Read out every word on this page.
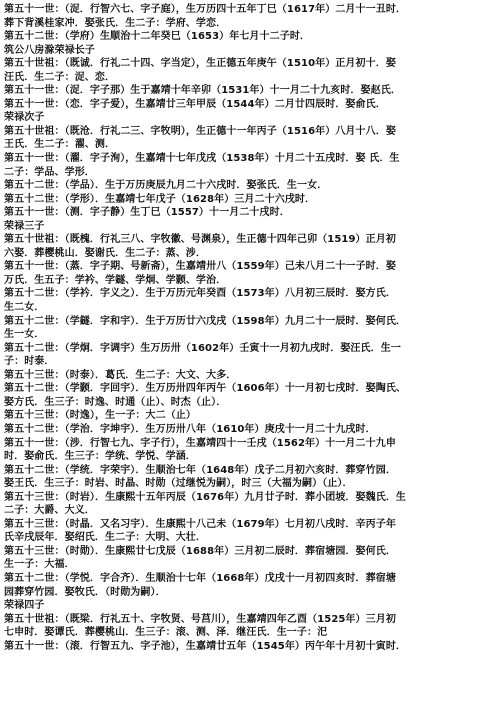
第五十一世：（浞．行智六七、字子庭），生万历四十五年丁巳（1617年）二月十一丑时．
葬下背溪桂家冲．娶张氏．生二子：学府、学恋．
第五十二世：（学府）生顺治十二年癸巳（1653）年七月十二子时．
筑公八房滁荣禄长子
第五十世祖：（既诚．行礼二十四、字当定），生正德五年庚午（1510年）正月初十．娶
汪氏．生二子：浞、恋．
第五十一世：（浞．字子那）生于嘉靖十年辛卯（1531年）十一月二十九亥时．娶赵氏．
第五十一世：（恋．字子爱），生嘉靖廿三年甲辰（1544年）二月廿四辰时．娶俞氏．
荣禄次子
第五十世祖：（既沧．行礼二三、字牧明），生正德十一年丙子（1516年）八月十八．娶
王氏．生二子：濯、测．
第五十一世：（濯．字子洵），生嘉靖十七年戊戌（1538年）十月二十五戌时．娶 氏．生
二子：学品、学形．
第五十二世：（学品）．生于万历庚辰九月二十六戌时．娶张氏．生一女．
第五十二世：（学形）．生嘉靖七年戊子（1628年）三月二十六戌时．
第五十一世：（测．字子静）生丁巳（1557）十一月二十戌时．
荣禄三子
第五十世祖：（既槐．行礼三八、字牧徽、号渊泉），生正德十四年己卯（1519）正月初
六娶．葬樱桃山．娶谢氏．生二子：蒸、涉．
第五十一世：（蒸．字子期、号新斋），生嘉靖卅八（1559年）己未八月二十一子时．娶
万氏．生五子：学衿、学鐩、学炯、学颢、学治．
第五十二世：（学衿．字义之）．生于万历元年癸酉（1573年）八月初三辰时．娶方氏．
生二女．
第五十二世：（学鐩．字和宇）．生于万历廿六戊戌（1598年）九月二十一辰时．娶何氏．
生一女．
第五十二世：（学炯．字调宇）生万历卅（1602年）壬寅十一月初九戌时．娶汪氏．生一
子：时泰．
第五十三世：（时泰）．葛氏．生二子：大文、大多．
第五十二世：（学颢．字回宇）．生万历卅四年丙午（1606年）十一月初七戌时．娶陶氏、
娶方氏．生三子：时逸、时通（止）、时杰（止）．
第五十三世：（时逸），生一子：大二（止）
第五十二世：（学治．字坤宇）．生万历卅八年（1610年）庚戌十一月二十九戌时．
第五十一世：（涉．行智七九、字子行），生嘉靖四十一壬戌（1562年）十一月二十九申
时．娶俞氏．生三子：学统、学悦、学涵．
第五十二世：（学统．字荣宇）．生顺治七年（1648年）戊子二月初六亥时．葬穿竹园．
娶王氏．生三子：时岩、时晶、时勋（过继悦为嗣），时三（大福为嗣）（止）．
第五十三世：（时岩）．生康熙十五年丙辰（1676年）九月廿子时．葬小团坡．娶魏氏．生
二子：大爵、大义．
第五十三世：（时晶．又名习宇）．生康熙十八己未（1679年）七月初八戌时．辛丙子年
氏辛戌辰年．娶绍氏．生二子：大明、大壮．
第五十三世：（时勋）．生康熙廿七戊辰（1688年）三月初二辰时．葬宿塘园．娶何氏．
生一子：大福．
第五十二世：（学悦．字合齐）．生顺治十七年（1668年）戊戌十一月初四亥时．葬宿塘
园葬穿竹园．娶牧氏．（时勋为嗣）．
荣禄四子
第五十世祖：（既梁．行礼五十、字牧贤、号莒川），生嘉靖四年乙酉（1525年）三月初
七申时．娶谭氏．葬樱桃山．生三子：滚、测、泽．继汪氏．生一子：汜
第五十一世：（滚．行智五九、字子池），生嘉靖廿五年（1545年）丙午年十月初十寅时．
